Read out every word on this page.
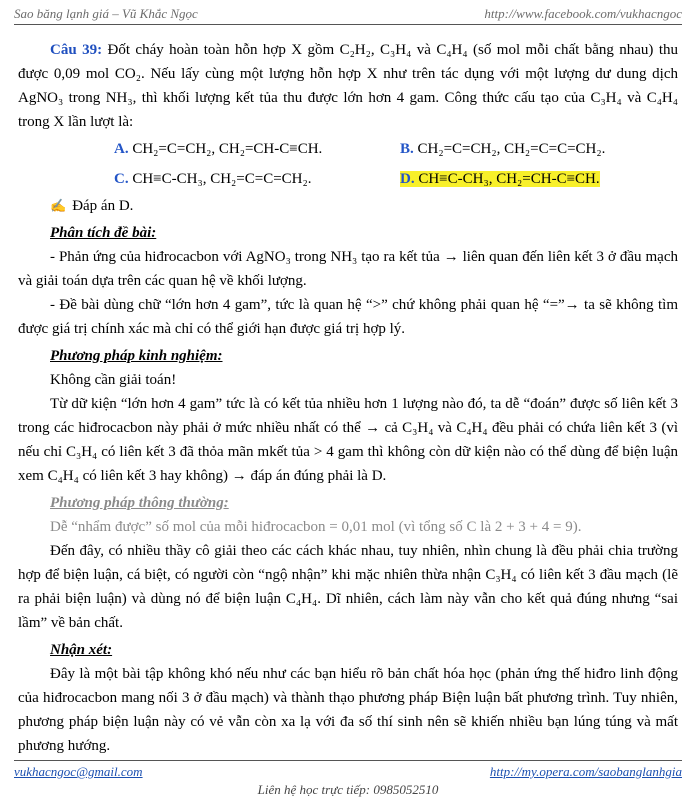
Sao băng lạnh giá – Vũ Khắc Ngọc	http://www.facebook.com/vukhacngoc

Câu 39: Đốt cháy hoàn toàn hỗn hợp X gồm C₂H₂, C₃H₄ và C₄H₄ (số mol mỗi chất bằng nhau) thu được 0,09 mol CO₂. Nếu lấy cùng một lượng hỗn hợp X như trên tác dụng với một lượng dư dung dịch AgNO₃ trong NH₃, thì khối lượng kết tủa thu được lớn hơn 4 gam. Công thức cấu tạo của C₃H₄ và C₄H₄ trong X lần lượt là:

A. CH₂=C=CH₂, CH₂=CH-C≡CH.	B. CH₂=C=CH₂, CH₂=C=C=CH₂.
C. CH≡C-CH₃, CH₂=C=C=CH₂.	D. CH≡C-CH₃, CH₂=CH-C≡CH.

✍ Đáp án D.

Phân tích đề bài:

- Phản ứng của hiđrocacbon với AgNO₃ trong NH₃ tạo ra kết tủa → liên quan đến liên kết 3 ở đầu mạch và giải toán dựa trên các quan hệ về khối lượng.

- Đề bài dùng chữ “lớn hơn 4 gam”, tức là quan hệ “>” chứ không phải quan hệ “=”→ ta sẽ không tìm được giá trị chính xác mà chỉ có thể giới hạn được giá trị hợp lý.

Phương pháp kinh nghiệm:

Không cần giải toán!

Từ dữ kiện “lớn hơn 4 gam” tức là có kết tủa nhiều hơn 1 lượng nào đó, ta dễ “đoán” được số liên kết 3 trong các hiđrocacbon này phải ở mức nhiều nhất có thể → cả C₃H₄ và C₄H₄ đều phải có chứa liên kết 3 (vì nếu chỉ C₃H₄ có liên kết 3 đã thỏa mãn mkết tủa > 4 gam thì không còn dữ kiện nào có thể dùng để biện luận xem C₄H₄ có liên kết 3 hay không) → đáp án đúng phải là D.

Phương pháp thông thường:

Dễ “nhẩm được” số mol của mỗi hiđrocacbon = 0,01 mol (vì tổng số C là 2 + 3 + 4 = 9).

Đến đây, có nhiều thầy cô giải theo các cách khác nhau, tuy nhiên, nhìn chung là đều phải chia trường hợp để biện luận, cá biệt, có người còn “ngộ nhận” khi mặc nhiên thừa nhận C₃H₄ có liên kết 3 đầu mạch (lẽ ra phải biện luận) và dùng nó để biện luận C₄H₄. Dĩ nhiên, cách làm này vẫn cho kết quả đúng nhưng “sai lầm” về bản chất.

Nhận xét:

Đây là một bài tập không khó nếu như các bạn hiểu rõ bản chất hóa học (phản ứng thế hiđro linh động của hiđrocacbon mang nối 3 ở đầu mạch) và thành thạo phương pháp Biện luận bất phương trình. Tuy nhiên, phương pháp biện luận này có vẻ vẫn còn xa lạ với đa số thí sinh nên sẽ khiến nhiều bạn lúng túng và mất phương hướng.

vukhacngoc@gmail.com	http://my.opera.com/saobanglanhgia
Liên hệ học trực tiếp: 0985052510
